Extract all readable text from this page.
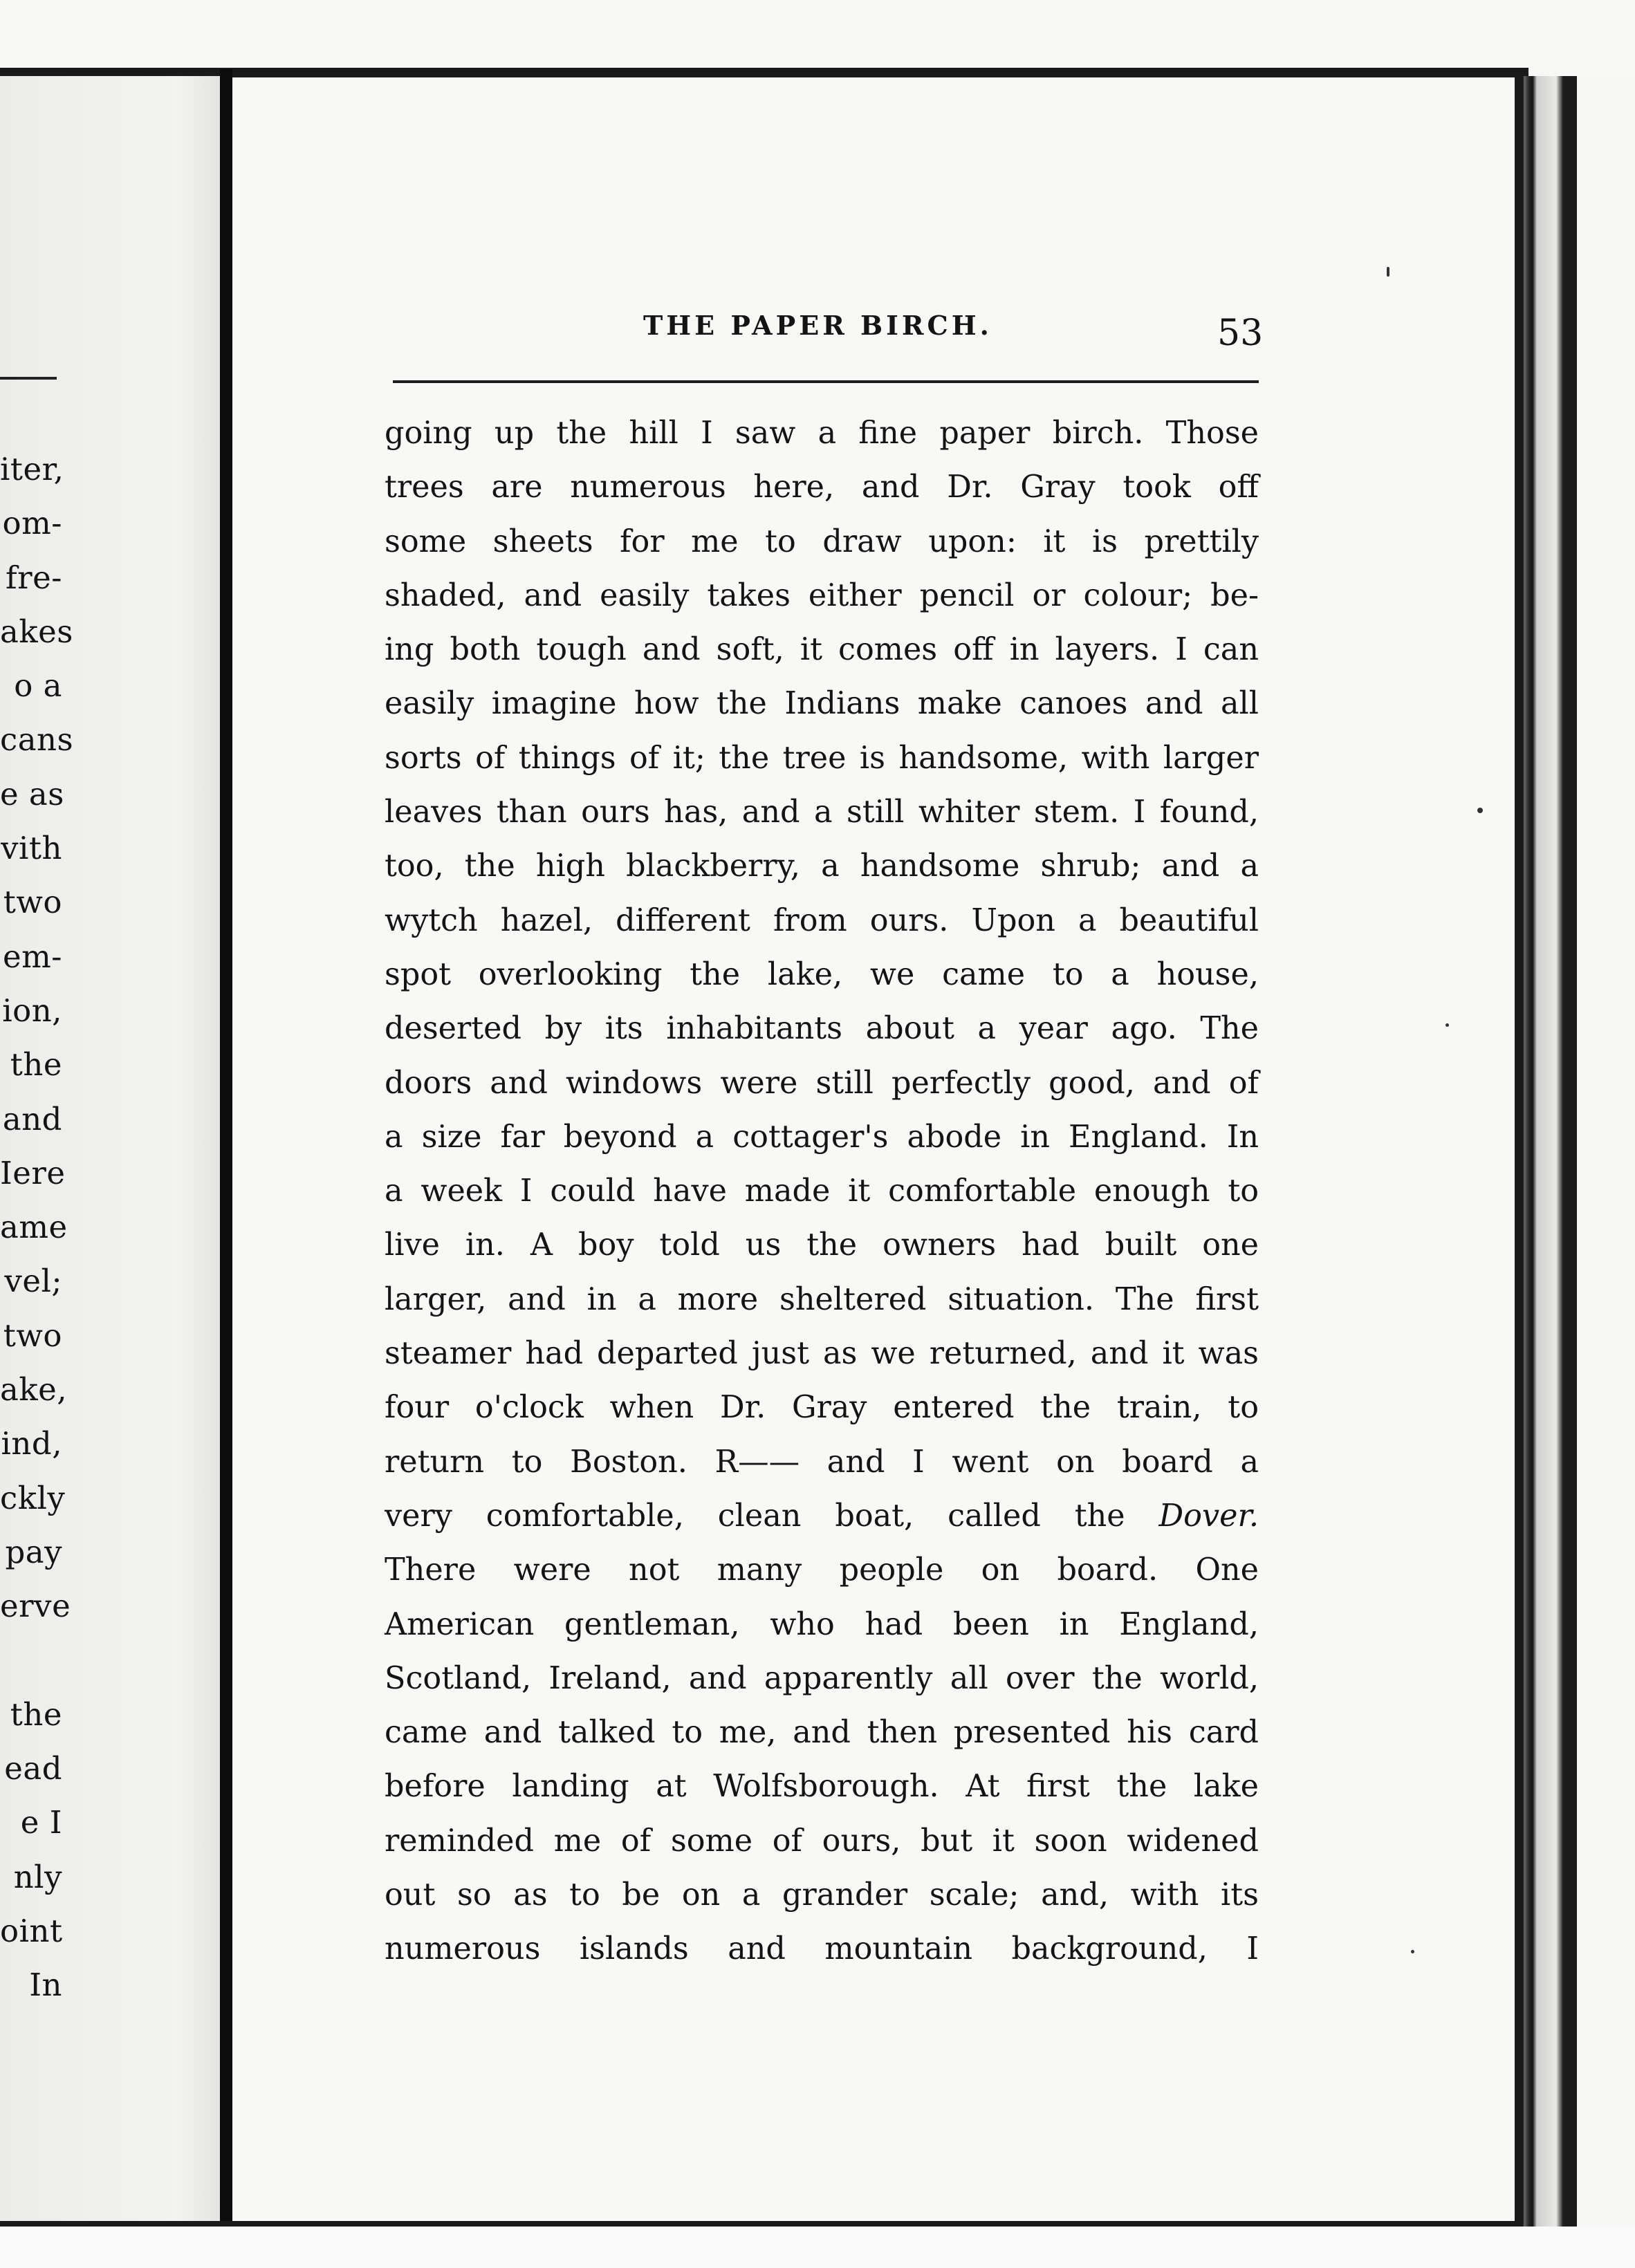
iter,
om-
fre-
akes
o a
cans
e as
vith
two
em-
ion,
the
and
Iere
ame
vel;
two
ake,
ind,
ckly
pay
erve
the
ead
e I
nly
oint
In
THE PAPER BIRCH.	53
going up the hill I saw a fine paper birch. Those
trees are numerous here, and Dr. Gray took off
some sheets for me to draw upon: it is prettily
shaded, and easily takes either pencil or colour; be-
ing both tough and soft, it comes off in layers. I can
easily imagine how the Indians make canoes and all
sorts of things of it; the tree is handsome, with larger
leaves than ours has, and a still whiter stem. I found,
too, the high blackberry, a handsome shrub; and a
wytch hazel, different from ours. Upon a beautiful
spot overlooking the lake, we came to a house,
deserted by its inhabitants about a year ago. The
doors and windows were still perfectly good, and of
a size far beyond a cottager's abode in England. In
a week I could have made it comfortable enough to
live in. A boy told us the owners had built one
larger, and in a more sheltered situation. The first
steamer had departed just as we returned, and it was
four o'clock when Dr. Gray entered the train, to
return to Boston. R—— and I went on board a
very comfortable, clean boat, called the Dover.
There were not many people on board. One
American gentleman, who had been in England,
Scotland, Ireland, and apparently all over the world,
came and talked to me, and then presented his card
before landing at Wolfsborough. At first the lake
reminded me of some of ours, but it soon widened
out so as to be on a grander scale; and, with its
numerous islands and mountain background, I
